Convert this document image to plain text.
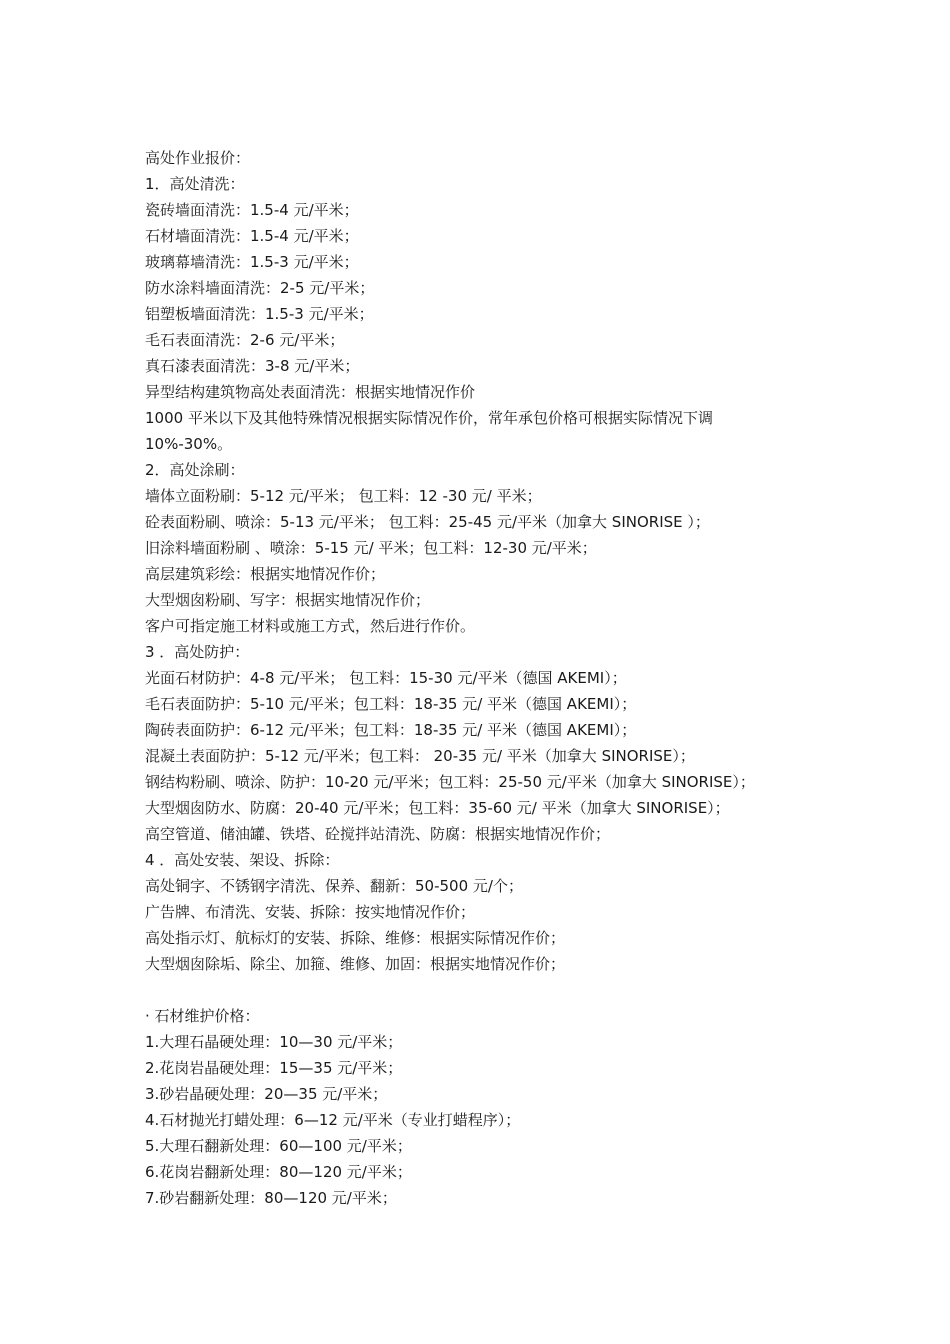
高处作业报价：
1．高处清洗：
瓷砖墙面清洗：1.5-4 元/平米；
石材墙面清洗：1.5-4 元/平米；
玻璃幕墙清洗：1.5-3 元/平米；
防水涂料墙面清洗：2-5 元/平米；
铝塑板墙面清洗：1.5-3 元/平米；
毛石表面清洗：2-6 元/平米；
真石漆表面清洗：3-8 元/平米；
异型结构建筑物高处表面清洗：根据实地情况作价
1000 平米以下及其他特殊情况根据实际情况作价，常年承包价格可根据实际情况下调
10%-30%。
2．高处涂刷：
墙体立面粉刷：5-12 元/平米； 包工料：12 -30 元/ 平米；
砼表面粉刷、喷涂：5-13 元/平米； 包工料：25-45 元/平米（加拿大 SINORISE ）；
旧涂料墙面粉刷 、喷涂：5-15 元/ 平米；包工料：12-30 元/平米；
高层建筑彩绘：根据实地情况作价；
大型烟囱粉刷、写字：根据实地情况作价；
客户可指定施工材料或施工方式，然后进行作价。
3 ．高处防护：
光面石材防护：4-8 元/平米； 包工料：15-30 元/平米（德国 AKEMI）；
毛石表面防护：5-10 元/平米；包工料：18-35 元/ 平米（德国 AKEMI）；
陶砖表面防护：6-12 元/平米；包工料：18-35 元/ 平米（德国 AKEMI）；
混凝土表面防护：5-12 元/平米；包工料： 20-35 元/ 平米（加拿大 SINORISE）；
钢结构粉刷、喷涂、防护：10-20 元/平米；包工料：25-50 元/平米（加拿大 SINORISE）；
大型烟囱防水、防腐：20-40 元/平米；包工料：35-60 元/ 平米（加拿大 SINORISE）；
高空管道、储油罐、铁塔、砼搅拌站清洗、防腐：根据实地情况作价；
4 ．高处安装、架设、拆除：
高处铜字、不锈钢字清洗、保养、翻新：50-500 元/个；
广告牌、布清洗、安装、拆除：按实地情况作价；
高处指示灯、航标灯的安装、拆除、维修：根据实际情况作价；
大型烟囱除垢、除尘、加箍、维修、加固：根据实地情况作价；
· 石材维护价格：
1.大理石晶硬处理：10—30 元/平米；
2.花岗岩晶硬处理：15—35 元/平米；
3.砂岩晶硬处理：20—35 元/平米；
4.石材抛光打蜡处理：6—12 元/平米（专业打蜡程序）；
5.大理石翻新处理：60—100 元/平米；
6.花岗岩翻新处理：80—120 元/平米；
7.砂岩翻新处理：80—120 元/平米；
